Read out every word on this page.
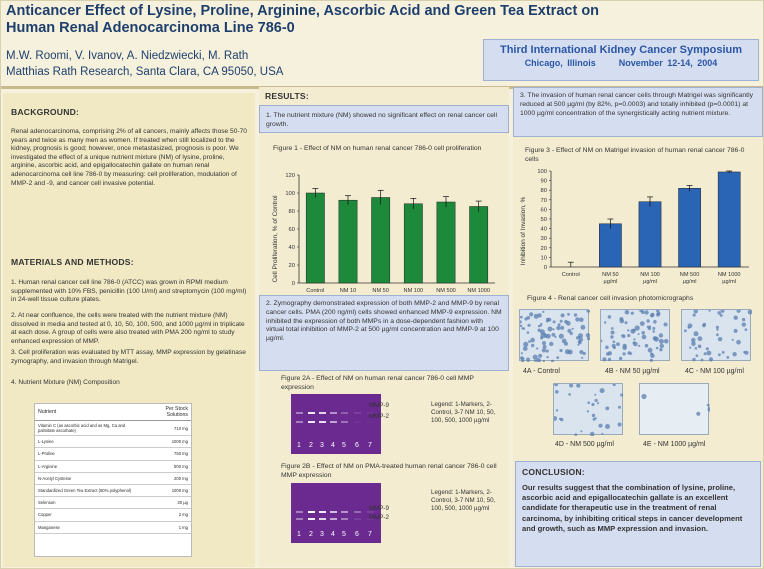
Anticancer Effect of Lysine, Proline, Arginine, Ascorbic Acid and Green Tea Extract on
Human Renal Adenocarcinoma Line 786-0
M.W. Roomi, V. Ivanov, A. Niedzwiecki, M. Rath
Matthias Rath Research, Santa Clara, CA 95050, USA
Third International Kidney Cancer Symposium
Chicago, Illinois	November 12-14, 2004
BACKGROUND:
Renal adenocarcinoma, comprising 2% of all cancers, mainly affects those 50-70 years and twice as many men as women. If treated when still localized to the kidney, prognosis is good; however, once metastasized, prognosis is poor. We investigated the effect of a unique nutrient mixture (NM) of lysine, proline, arginine, ascorbic acid, and epigallocatechin gallate on human renal adenocarcinoma cell line 786-0 by measuring: cell proliferation, modulation of MMP-2 and -9, and cancer cell invasive potential.
MATERIALS AND METHODS:
1. Human renal cancer cell line 786-0 (ATCC) was grown in RPMI medium supplemented with 10% FBS, penicillin (100 U/ml) and streptomycin (100 mg/ml) in 24-well tissue culture plates.
2. At near confluence, the cells were treated with the nutrient mixture (NM) dissolved in media and tested at 0, 10, 50, 100, 500, and 1000 µg/ml in triplicate at each dose. A group of cells were also treated with PMA 200 ng/ml to study enhanced expression of MMP.
3. Cell proliferation was evaluated by MTT assay, MMP expression by gelatinase zymography, and invasion through Matrigel.
4. Nutrient Mixture (NM) Composition
Nutrient	Per Stock Solutions
Vitamin C (as ascorbic acid and as Mg, Ca and palmitate ascorbate)	710 mg
L-Lysine	1000 mg
L-Proline	750 mg
L-Arginine	500 mg
N-Acetyl Cysteine	200 mg
Standardized Green Tea Extract (80% polyphenol)	1000 mg
Selenium	30 µg
Copper	2 mg
Manganese	1 mg
RESULTS:
1. The nutrient mixture (NM) showed no significant effect on renal cancer cell growth.
Figure 1 - Effect of NM on human renal cancer 786-0 cell proliferation
Cell Proliferation, % of Control
0
20
40
60
80
100
120
Control	NM 10	NM 50	NM 100 NM 500 NM 1000
2. Zymography demonstrated expression of both MMP-2 and MMP-9 by renal cancer cells. PMA (200 ng/ml) cells showed enhanced MMP-9 expression. NM inhibited the expression of both MMPs in a dose-dependent fashion with virtual total inhibition of MMP-2 at 500 µg/ml concentration and MMP-9 at 100 µg/ml.
Figure 2A - Effect of NM on human renal cancer 786-0 cell MMP expression
1 2 3 4 5 6 7
MMP-9
MMP-2
Legend: 1-Markers, 2-Control, 3-7 NM 10, 50, 100, 500, 1000 µg/ml
Figure 2B - Effect of NM on PMA-treated human renal cancer 786-0 cell MMP expression
1 2 3 4 5 6 7
MMP-9
MMP-2
Legend: 1-Markers, 2-Control, 3-7 NM 10, 50, 100, 500, 1000 µg/ml
3. The invasion of human renal cancer cells through Matrigel was significantly reduced at 500 µg/ml (by 82%, p=0.0003) and totally inhibited (p=0.0001) at 1000 µg/ml concentration of the synergistically acting nutrient mixture.
Figure 3 - Effect of NM on Matrigel invasion of human renal cancer 786-0 cells
Inhibition of Invasion, %
0
10
20
30
40
50
60
70
80
90
100
Control	NM 50
µg/ml
NM 100
µg/ml
NM 500
µg/ml
NM 1000
µg/ml
Figure 4 - Renal cancer cell invasion photomicrographs
4A - Control	4B - NM 50 µg/ml	4C - NM 100 µg/ml
4D - NM 500 µg/ml	4E - NM 1000 µg/ml
CONCLUSION:
Our results suggest that the combination of lysine, proline, ascorbic acid and epigallocatechin gallate is an excellent candidate for therapeutic use in the treatment of renal carcinoma, by inhibiting critical steps in cancer development and growth, such as MMP expression and invasion.
